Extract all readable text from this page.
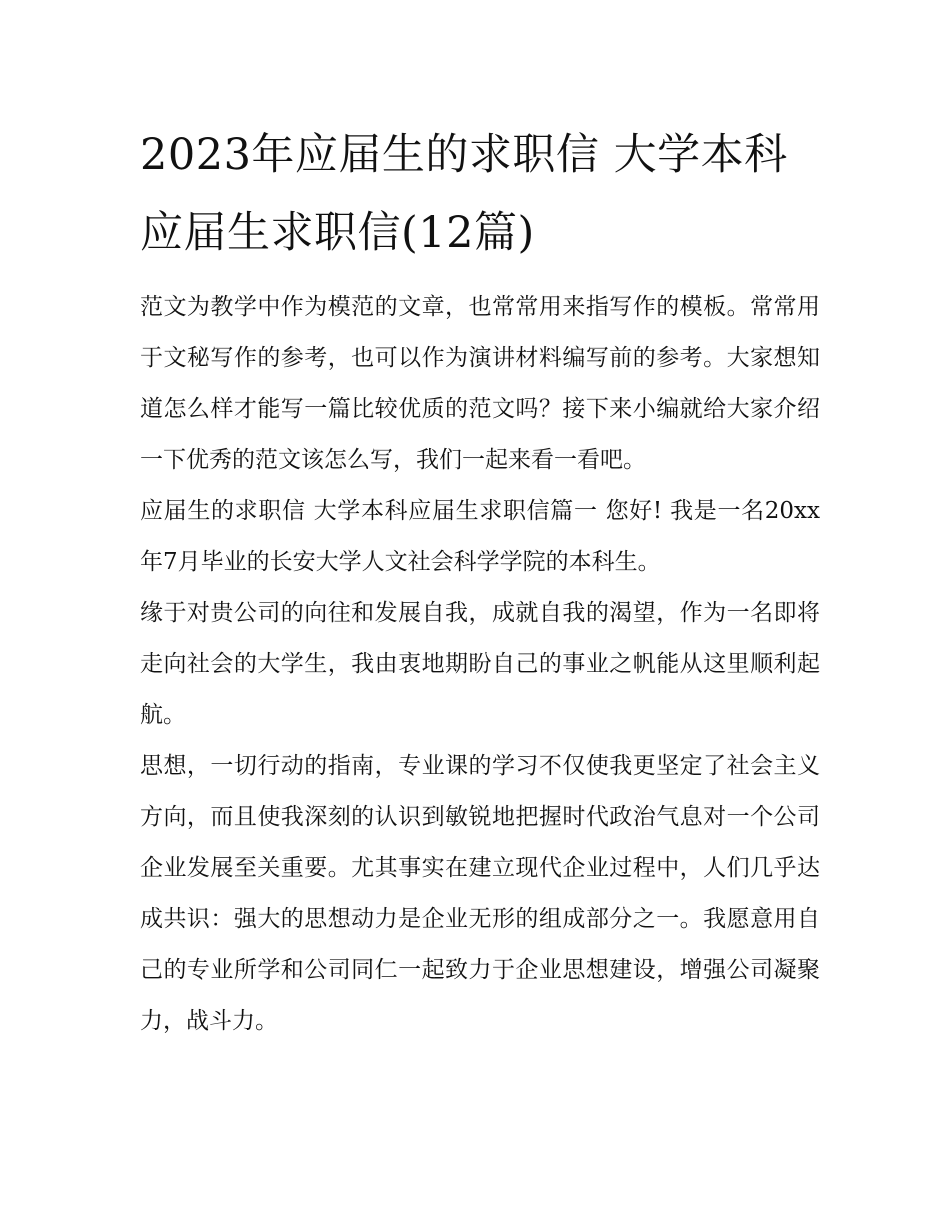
2023年应届生的求职信 大学本科应届生求职信(12篇)

范文为教学中作为模范的文章，也常常用来指写作的模板。常常用于文秘写作的参考，也可以作为演讲材料编写前的参考。大家想知道怎么样才能写一篇比较优质的范文吗？接下来小编就给大家介绍一下优秀的范文该怎么写，我们一起来看一看吧。

应届生的求职信 大学本科应届生求职信篇一 您好! 我是一名20xx年7月毕业的长安大学人文社会科学学院的本科生。

缘于对贵公司的向往和发展自我，成就自我的渴望，作为一名即将走向社会的大学生，我由衷地期盼自己的事业之帆能从这里顺利起航。

思想，一切行动的指南，专业课的学习不仅使我更坚定了社会主义方向，而且使我深刻的认识到敏锐地把握时代政治气息对一个公司企业发展至关重要。尤其事实在建立现代企业过程中，人们几乎达成共识：强大的思想动力是企业无形的组成部分之一。我愿意用自己的专业所学和公司同仁一起致力于企业思想建设，增强公司凝聚力，战斗力。
